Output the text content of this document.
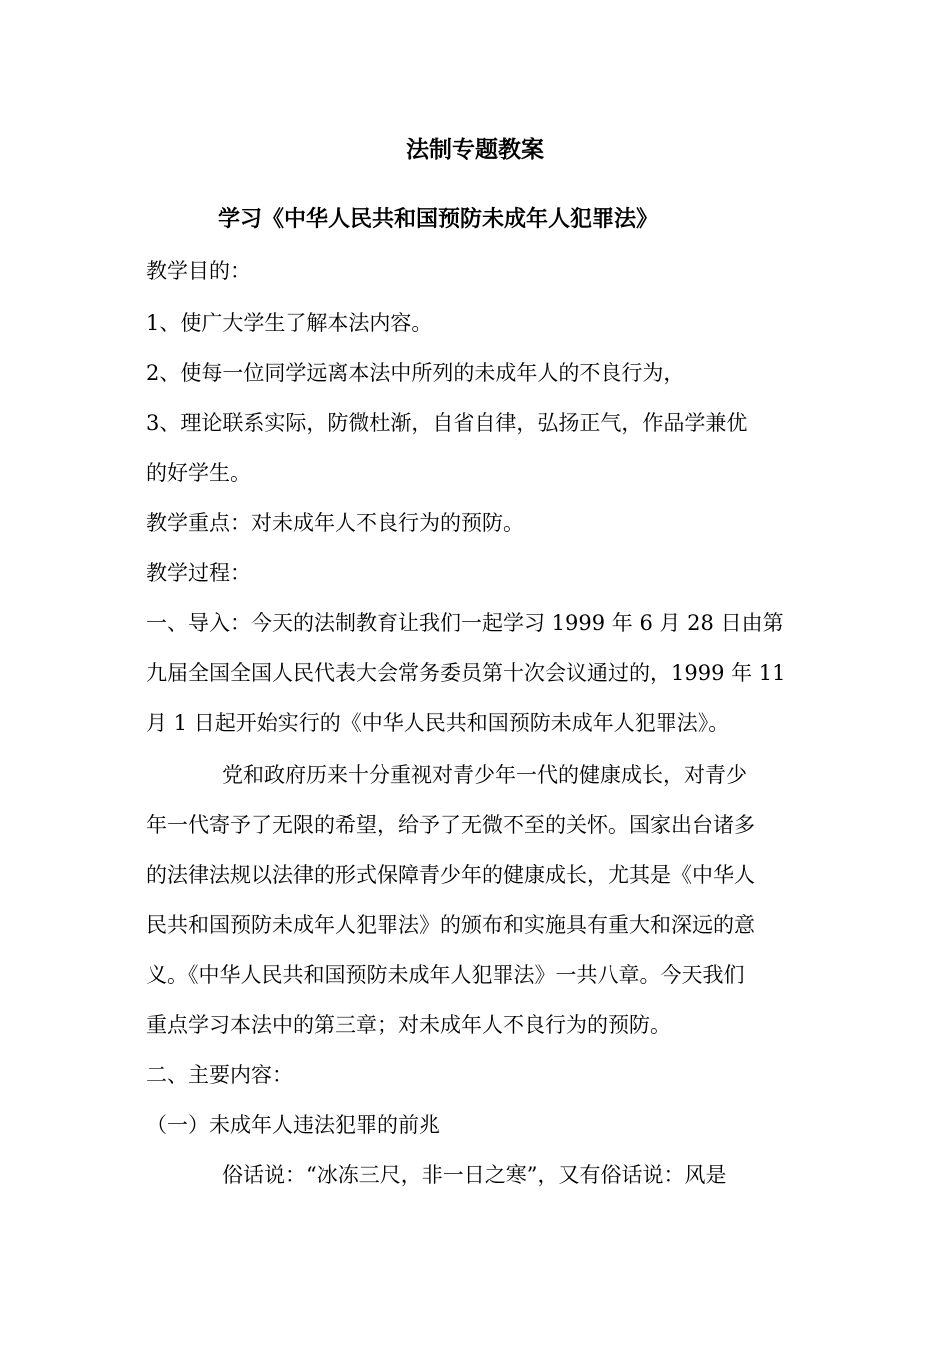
法制专题教案
学习《中华人民共和国预防未成年人犯罪法》

教学目的：

1、使广大学生了解本法内容。

2、使每一位同学远离本法中所列的未成年人的不良行为，

3、理论联系实际，防微杜渐，自省自律，弘扬正气，作品学兼优

的好学生。

教学重点：对未成年人不良行为的预防。

教学过程：

一、导入：今天的法制教育让我们一起学习 1999 年 6 月 28 日由第

九届全国全国人民代表大会常务委员第十次会议通过的，1999 年 11

月 1 日起开始实行的《中华人民共和国预防未成年人犯罪法》。

党和政府历来十分重视对青少年一代的健康成长，对青少

年一代寄予了无限的希望，给予了无微不至的关怀。国家出台诸多

的法律法规以法律的形式保障青少年的健康成长，尤其是《中华人

民共和国预防未成年人犯罪法》的颁布和实施具有重大和深远的意

义。《中华人民共和国预防未成年人犯罪法》一共八章。今天我们

重点学习本法中的第三章；对未成年人不良行为的预防。

二、主要内容：

（一）未成年人违法犯罪的前兆

俗话说：“冰冻三尺，非一日之寒”，又有俗话说：风是
